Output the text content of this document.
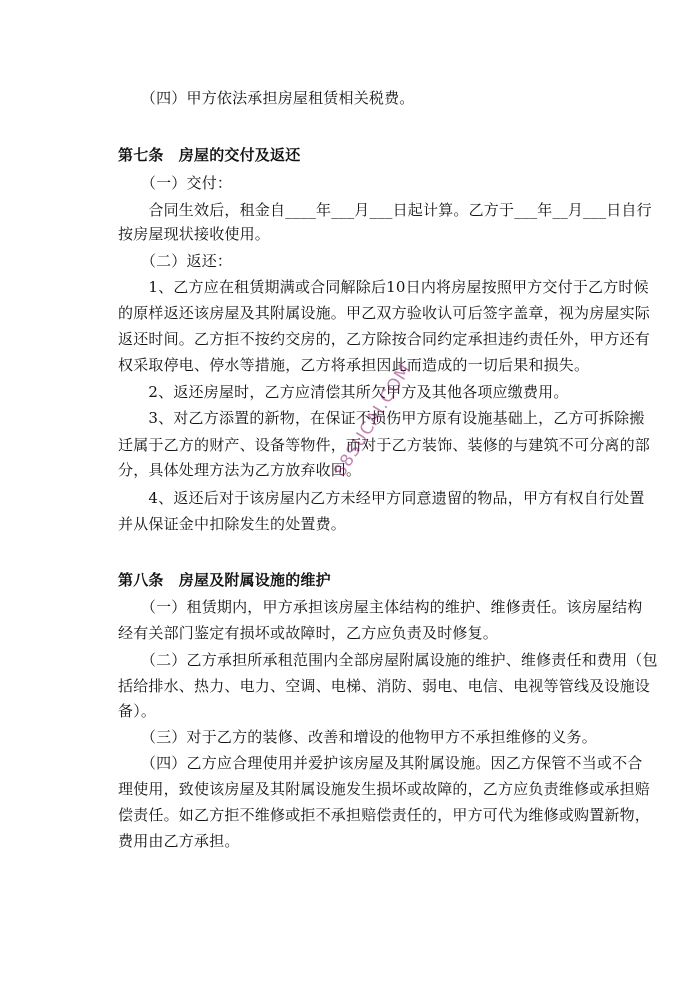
　　（四）甲方依法承担房屋租赁相关税费。
第七条　房屋的交付及返还
　　（一）交付：
　　合同生效后，租金自____年___月___日起计算。乙方于___年__月___日自行
按房屋现状接收使用。
　　（二）返还：
　　1、乙方应在租赁期满或合同解除后10日内将房屋按照甲方交付于乙方时候
的原样返还该房屋及其附属设施。甲乙双方验收认可后签字盖章，视为房屋实际
返还时间。乙方拒不按约交房的，乙方除按合同约定承担违约责任外，甲方还有
权采取停电、停水等措施，乙方将承担因此而造成的一切后果和损失。
　　2、返还房屋时，乙方应清偿其所欠甲方及其他各项应缴费用。
　　3、对乙方添置的新物，在保证不损伤甲方原有设施基础上，乙方可拆除搬
迁属于乙方的财产、设备等物件，而对于乙方装饰、装修的与建筑不可分离的部
分，具体处理方法为乙方放弃收回。
　　4、返还后对于该房屋内乙方未经甲方同意遗留的物品，甲方有权自行处置
并从保证金中扣除发生的处置费。
第八条　房屋及附属设施的维护
　　（一）租赁期内，甲方承担该房屋主体结构的维护、维修责任。该房屋结构
经有关部门鉴定有损坏或故障时，乙方应负责及时修复。
　　（二）乙方承担所承租范围内全部房屋附属设施的维护、维修责任和费用（包
括给排水、热力、电力、空调、电梯、消防、弱电、电信、电视等管线及设施设
备）。
　　（三）对于乙方的装修、改善和增设的他物甲方不承担维修的义务。
　　（四）乙方应合理使用并爱护该房屋及其附属设施。因乙方保管不当或不合
理使用，致使该房屋及其附属设施发生损坏或故障的，乙方应负责维修或承担赔
偿责任。如乙方拒不维修或拒不承担赔偿责任的，甲方可代为维修或购置新物，
费用由乙方承担。
88SUCAI.COM
